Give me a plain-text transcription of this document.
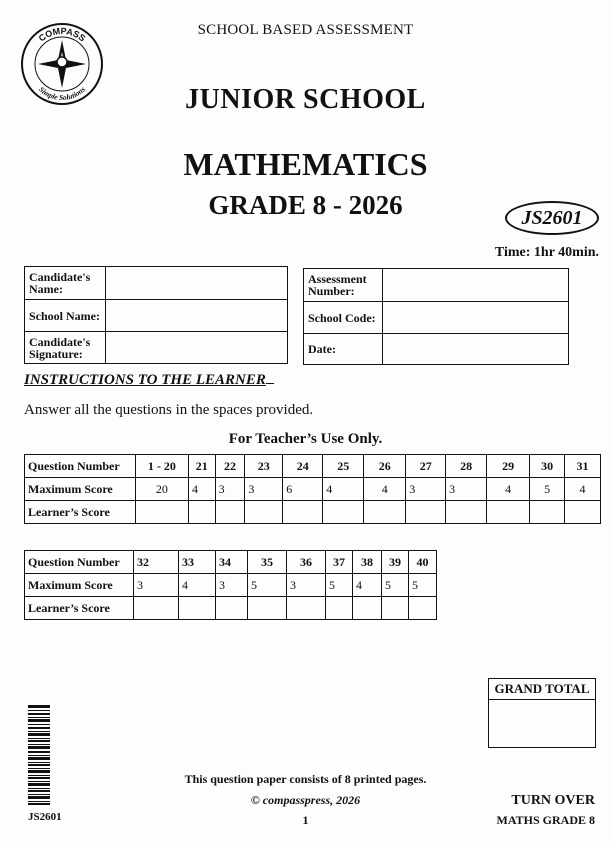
SCHOOL BASED ASSESSMENT
COMPASS
Simple Solutions	JUNIOR SCHOOL
MATHEMATICS
GRADE 8 - 2026	JS2601
Time: 1hr 40min.
Candidate's Name:	
School Name:	
Candidate's Signature:	
Assessment Number:	
School Code:	
Date:	
INSTRUCTIONS TO THE LEARNER
Answer all the questions in the spaces provided.
For Teacher’s Use Only.
Question Number	1 - 20	21	22	23	24	25	26	27	28	29	30	31
Maximum Score	20	4	3	3	6	4	4	3	3	4	5	4
Learner’s Score												
Question Number	32	33	34	35	36	37	38	39	40
Maximum Score	3	4	3	5	3	5	4	5	5
Learner’s Score									
GRAND TOTAL
JS2601
This question paper consists of 8 printed pages.
© compasspress, 2026
1
TURN OVER
MATHS GRADE 8
